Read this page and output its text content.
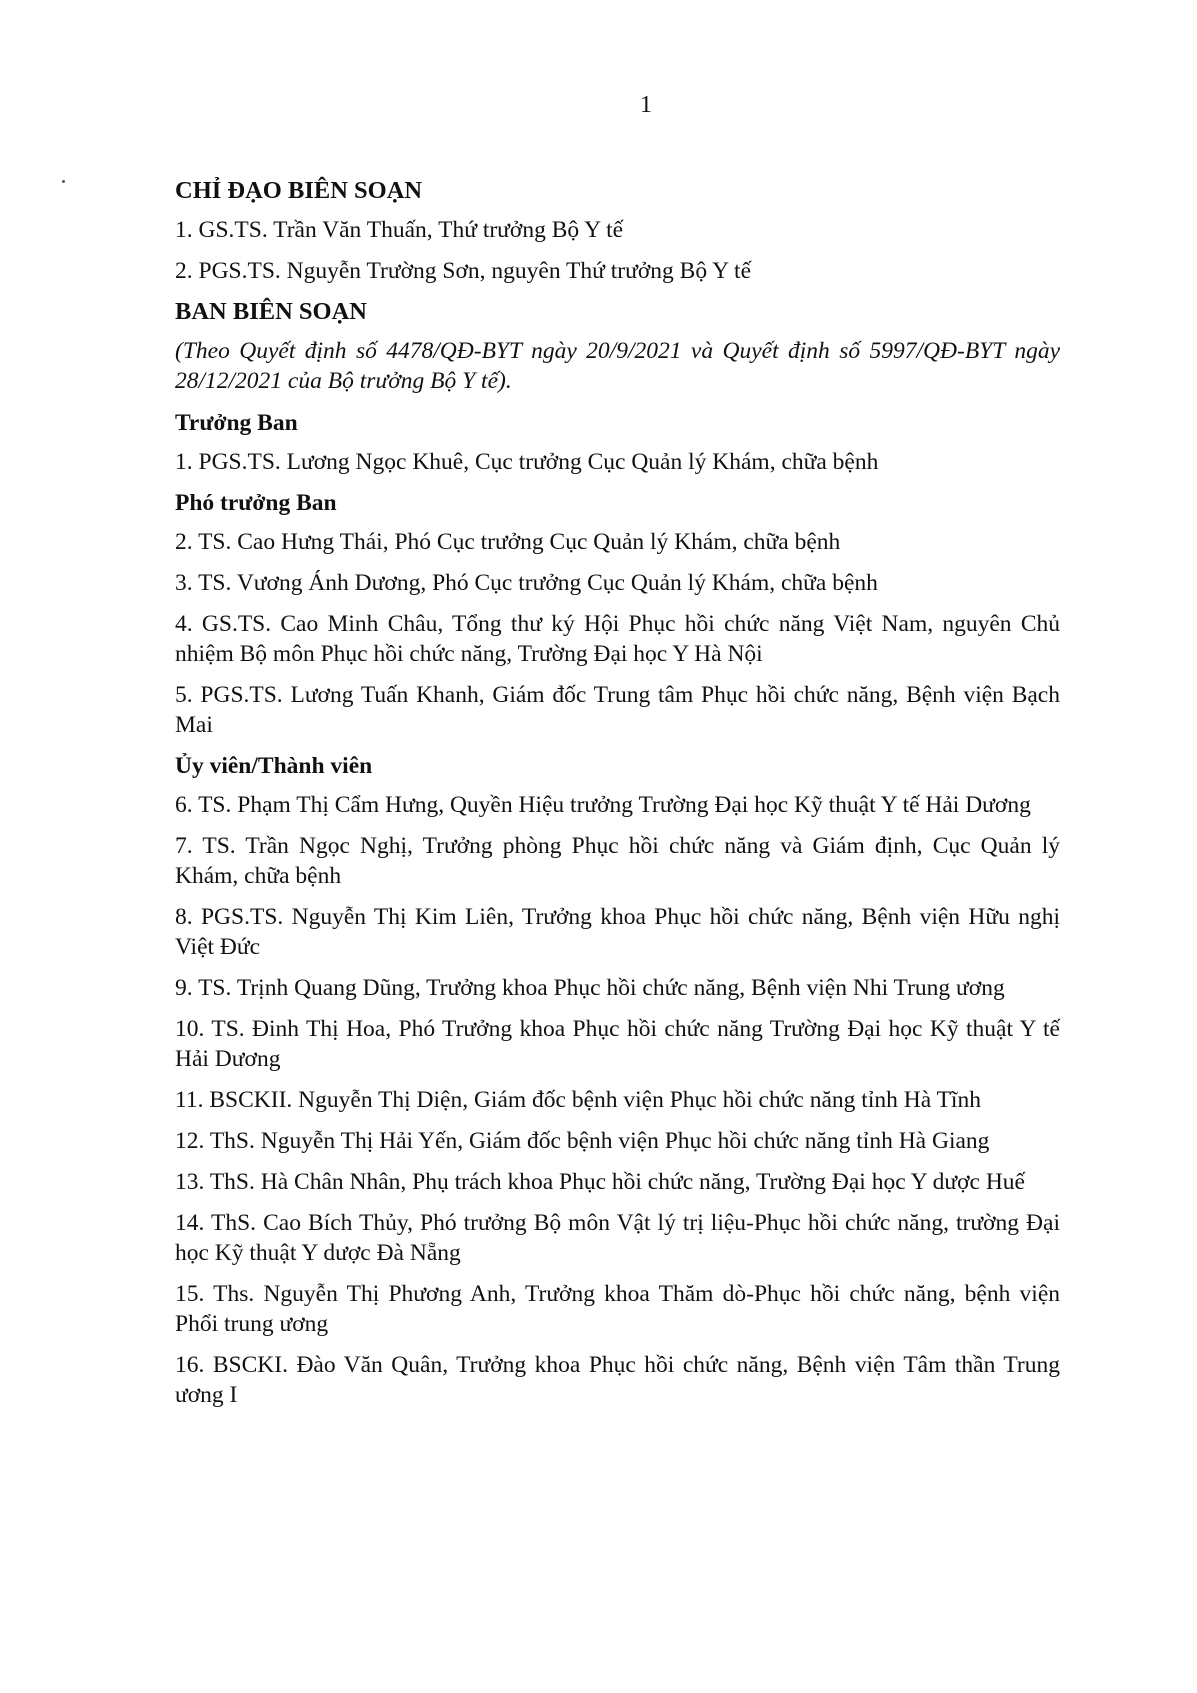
1

CHỈ ĐẠO BIÊN SOẠN

1. GS.TS. Trần Văn Thuấn, Thứ trưởng Bộ Y tế

2. PGS.TS. Nguyễn Trường Sơn, nguyên Thứ trưởng Bộ Y tế

BAN BIÊN SOẠN

(Theo Quyết định số 4478/QĐ-BYT ngày 20/9/2021 và Quyết định số 5997/QĐ-BYT ngày 28/12/2021 của Bộ trưởng Bộ Y tế).

Trưởng Ban

1. PGS.TS. Lương Ngọc Khuê, Cục trưởng Cục Quản lý Khám, chữa bệnh

Phó trưởng Ban

2. TS. Cao Hưng Thái, Phó Cục trưởng Cục Quản lý Khám, chữa bệnh

3. TS. Vương Ánh Dương, Phó Cục trưởng Cục Quản lý Khám, chữa bệnh

4. GS.TS. Cao Minh Châu, Tổng thư ký Hội Phục hồi chức năng Việt Nam, nguyên Chủ nhiệm Bộ môn Phục hồi chức năng, Trường Đại học Y Hà Nội

5. PGS.TS. Lương Tuấn Khanh, Giám đốc Trung tâm Phục hồi chức năng, Bệnh viện Bạch Mai

Ủy viên/Thành viên

6. TS. Phạm Thị Cẩm Hưng, Quyền Hiệu trưởng Trường Đại học Kỹ thuật Y tế Hải Dương

7. TS. Trần Ngọc Nghị, Trưởng phòng Phục hồi chức năng và Giám định, Cục Quản lý Khám, chữa bệnh

8. PGS.TS. Nguyễn Thị Kim Liên, Trưởng khoa Phục hồi chức năng, Bệnh viện Hữu nghị Việt Đức

9. TS. Trịnh Quang Dũng, Trưởng khoa Phục hồi chức năng, Bệnh viện Nhi Trung ương

10. TS. Đinh Thị Hoa, Phó Trưởng khoa Phục hồi chức năng Trường Đại học Kỹ thuật Y tế Hải Dương

11. BSCKII. Nguyễn Thị Diện, Giám đốc bệnh viện Phục hồi chức năng tỉnh Hà Tĩnh

12. ThS. Nguyễn Thị Hải Yến, Giám đốc bệnh viện Phục hồi chức năng tỉnh Hà Giang

13. ThS. Hà Chân Nhân, Phụ trách khoa Phục hồi chức năng, Trường Đại học Y dược Huế

14. ThS. Cao Bích Thủy, Phó trưởng Bộ môn Vật lý trị liệu-Phục hồi chức năng, trường Đại học Kỹ thuật Y dược Đà Nẵng

15. Ths. Nguyễn Thị Phương Anh, Trưởng khoa Thăm dò-Phục hồi chức năng, bệnh viện Phổi trung ương

16. BSCKI. Đào Văn Quân, Trưởng khoa Phục hồi chức năng, Bệnh viện Tâm thần Trung ương I
